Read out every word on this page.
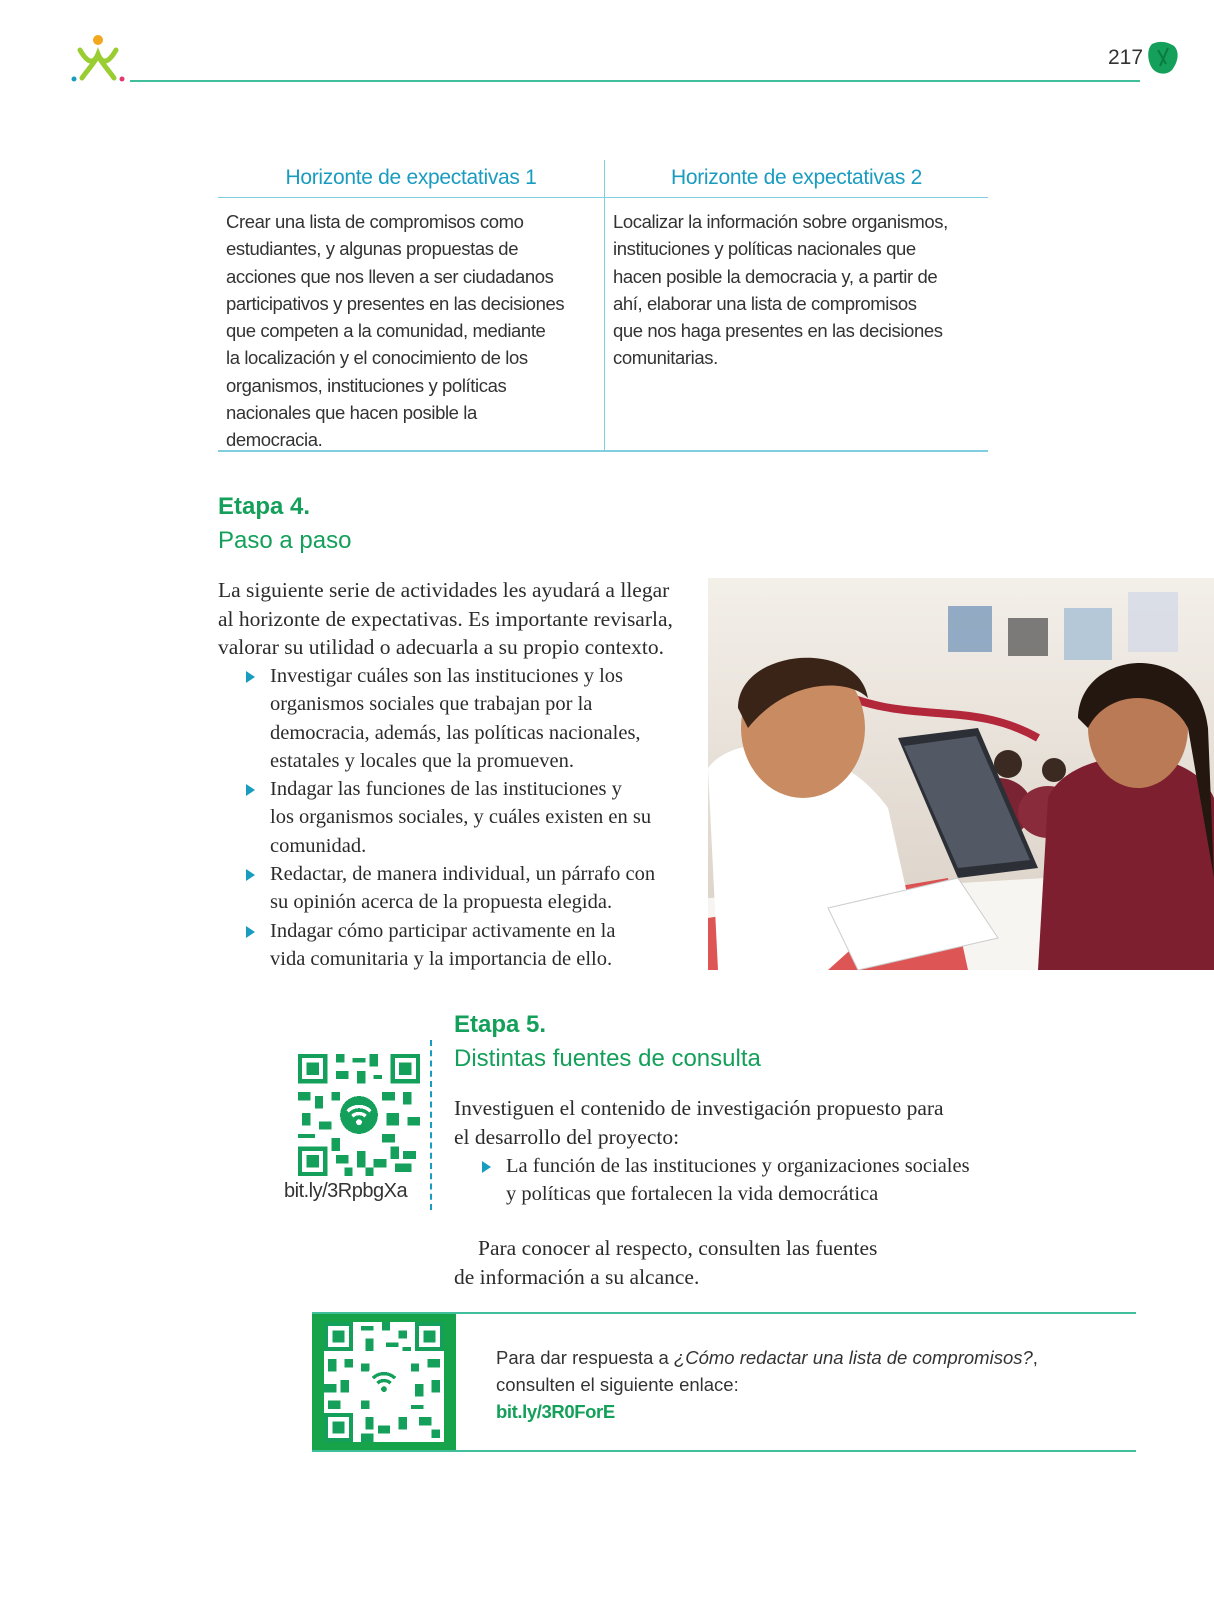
217
Horizonte de expectativas 1
Crear una lista de compromisos como
estudiantes, y algunas propuestas de
acciones que nos lleven a ser ciudadanos
participativos y presentes en las decisiones
que competen a la comunidad, mediante
la localización y el conocimiento de los
organismos, instituciones y políticas
nacionales que hacen posible la
democracia.
Horizonte de expectativas 2
Localizar la información sobre organismos,
instituciones y políticas nacionales que
hacen posible la democracia y, a partir de
ahí, elaborar una lista de compromisos
que nos haga presentes en las decisiones
comunitarias.
Etapa 4.
Paso a paso
La siguiente serie de actividades les ayudará a llegar
al horizonte de expectativas. Es importante revisarla,
valorar su utilidad o adecuarla a su propio contexto.
Investigar cuáles son las instituciones y los
organismos sociales que trabajan por la
democracia, además, las políticas nacionales,
estatales y locales que la promueven.
Indagar las funciones de las instituciones y
los organismos sociales, y cuáles existen en su
comunidad.
Redactar, de manera individual, un párrafo con
su opinión acerca de la propuesta elegida.
Indagar cómo participar activamente en la
vida comunitaria y la importancia de ello.
bit.ly/3RpbgXa
Etapa 5.
Distintas fuentes de consulta
Investiguen el contenido de investigación propuesto para
el desarrollo del proyecto:
La función de las instituciones y organizaciones sociales
y políticas que fortalecen la vida democrática
Para conocer al respecto, consulten las fuentes
de información a su alcance.
Para dar respuesta a ¿Cómo redactar una lista de compromisos?,
consulten el siguiente enlace:
bit.ly/3R0ForE
